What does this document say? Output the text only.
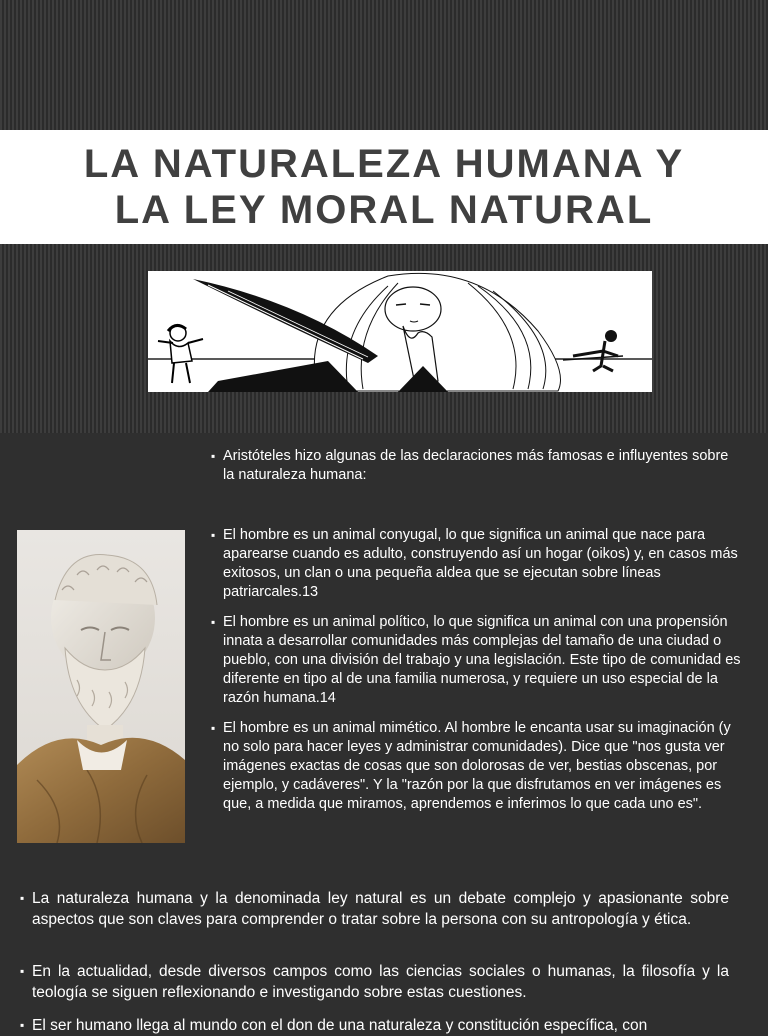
LA NATURALEZA HUMANA Y
LA LEY MORAL NATURAL
▪ Aristóteles hizo algunas de las declaraciones más famosas e influyentes sobre la naturaleza humana:
▪ El hombre es un animal conyugal, lo que significa un animal que nace para aparearse cuando es adulto, construyendo así un hogar (oikos) y, en casos más exitosos, un clan o una pequeña aldea que se ejecutan sobre líneas patriarcales.13
▪ El hombre es un animal político, lo que significa un animal con una propensión innata a desarrollar comunidades más complejas del tamaño de una ciudad o pueblo, con una división del trabajo y una legislación. Este tipo de comunidad es diferente en tipo al de una familia numerosa, y requiere un uso especial de la razón humana.14
▪ El hombre es un animal mimético. Al hombre le encanta usar su imaginación (y no solo para hacer leyes y administrar comunidades). Dice que "nos gusta ver imágenes exactas de cosas que son dolorosas de ver, bestias obscenas, por ejemplo, y cadáveres". Y la "razón por la que disfrutamos en ver imágenes es que, a medida que miramos, aprendemos e inferimos lo que cada uno es".
▪ La naturaleza humana y la denominada ley natural es un debate complejo y apasionante sobre aspectos que son claves para comprender o tratar sobre la persona con su antropología y ética.
▪ En la actualidad, desde diversos campos como las ciencias sociales o humanas, la filosofía y la teología se siguen reflexionando e investigando sobre estas cuestiones.
▪ El ser humano llega al mundo con el don de una naturaleza y constitución específica, con
